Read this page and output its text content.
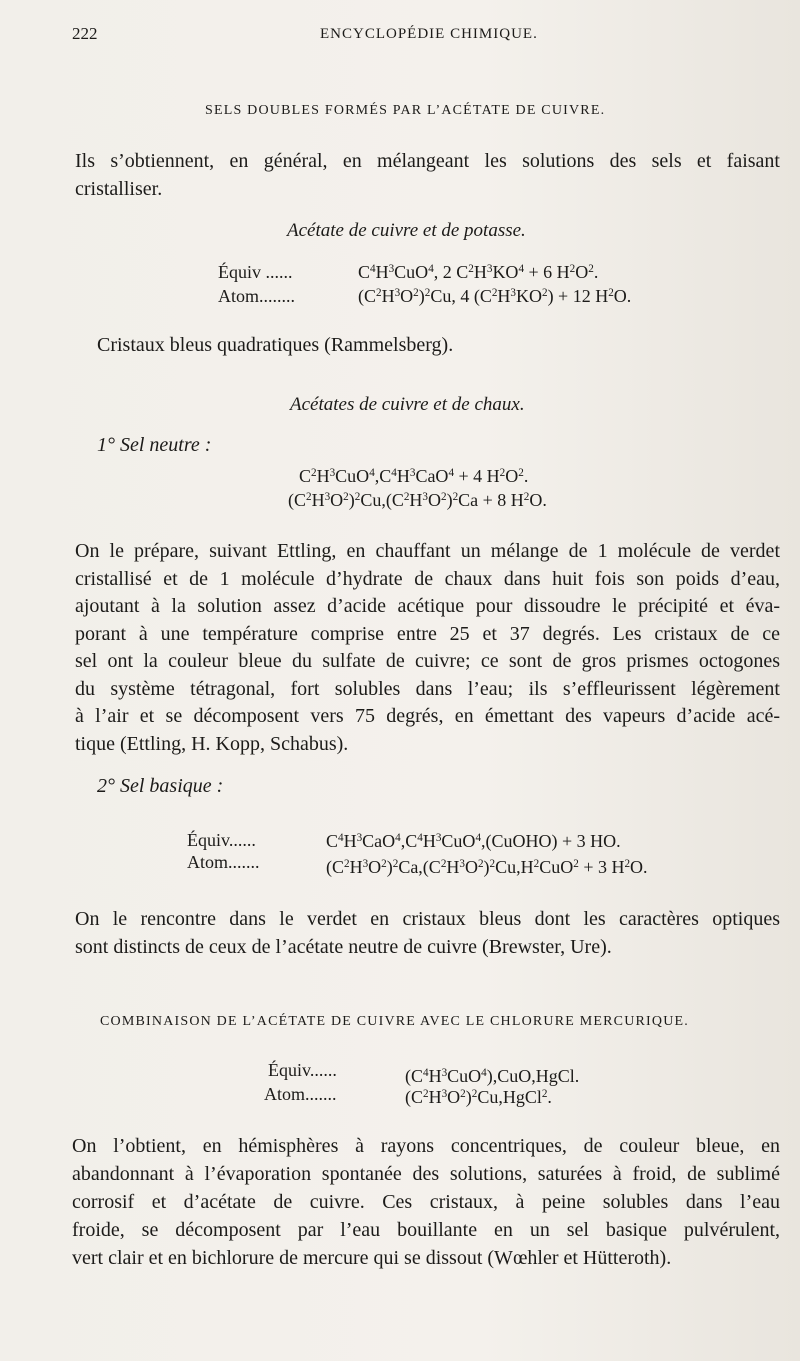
222	ENCYCLOPÉDIE CHIMIQUE.
SELS DOUBLES FORMÉS PAR L’ACÉTATE DE CUIVRE.
Ils s’obtiennent, en général, en mélangeant les solutions des sels et faisant
cristalliser.
Acétate de cuivre et de potasse.
Équiv ......	$C^4H^3CuO^4$, 2 $C^2H^3KO^4 + 6$ $H^2O^2$.
Atom........	$(C^2H^3O^2)^2Cu$, 4 $(C^2H^3KO^2) + 12$ $H^2O$.
Cristaux bleus quadratiques (Rammelsberg).
Acétates de cuivre et de chaux.
1° Sel neutre :
$C^2H^3CuO^4,C^4H^3CaO^4 + 4$ $H^2O^2$.
$(C^2H^3O^2)^2Cu,(C^2H^3O^2)^2Ca + 8$ $H^2O$.
On le prépare, suivant Ettling, en chauffant un mélange de 1 molécule de verdet
cristallisé et de 1 molécule d’hydrate de chaux dans huit fois son poids d’eau,
ajoutant à la solution assez d’acide acétique pour dissoudre le précipité et éva-
porant à une température comprise entre 25 et 37 degrés. Les cristaux de ce
sel ont la couleur bleue du sulfate de cuivre; ce sont de gros prismes octogones
du système tétragonal, fort solubles dans l’eau; ils s’effleurissent légèrement
à l’air et se décomposent vers 75 degrés, en émettant des vapeurs d’acide acé-
tique (Ettling, H. Kopp, Schabus).
2° Sel basique :
Équiv......	$C^4H^3CaO^4,C^4H^3CuO^4,(CuOHO) + 3$ HO.
Atom.......	$(C^2H^3O^2)^2Ca,(C^2H^3O^2)^2Cu,H^2CuO^2 + 3$ $H^2O$.
On le rencontre dans le verdet en cristaux bleus dont les caractères optiques
sont distincts de ceux de l’acétate neutre de cuivre (Brewster, Ure).
COMBINAISON DE L’ACÉTATE DE CUIVRE AVEC LE CHLORURE MERCURIQUE.
Équiv......	$(C^4H^3CuO^4),CuO,HgCl$.
Atom.......	$(C^2H^3O^2)^2Cu,HgCl^2$.
On l’obtient, en hémisphères à rayons concentriques, de couleur bleue, en
abandonnant à l’évaporation spontanée des solutions, saturées à froid, de sublimé
corrosif et d’acétate de cuivre. Ces cristaux, à peine solubles dans l’eau
froide, se décomposent par l’eau bouillante en un sel basique pulvérulent,
vert clair et en bichlorure de mercure qui se dissout (Wœhler et Hütteroth).
